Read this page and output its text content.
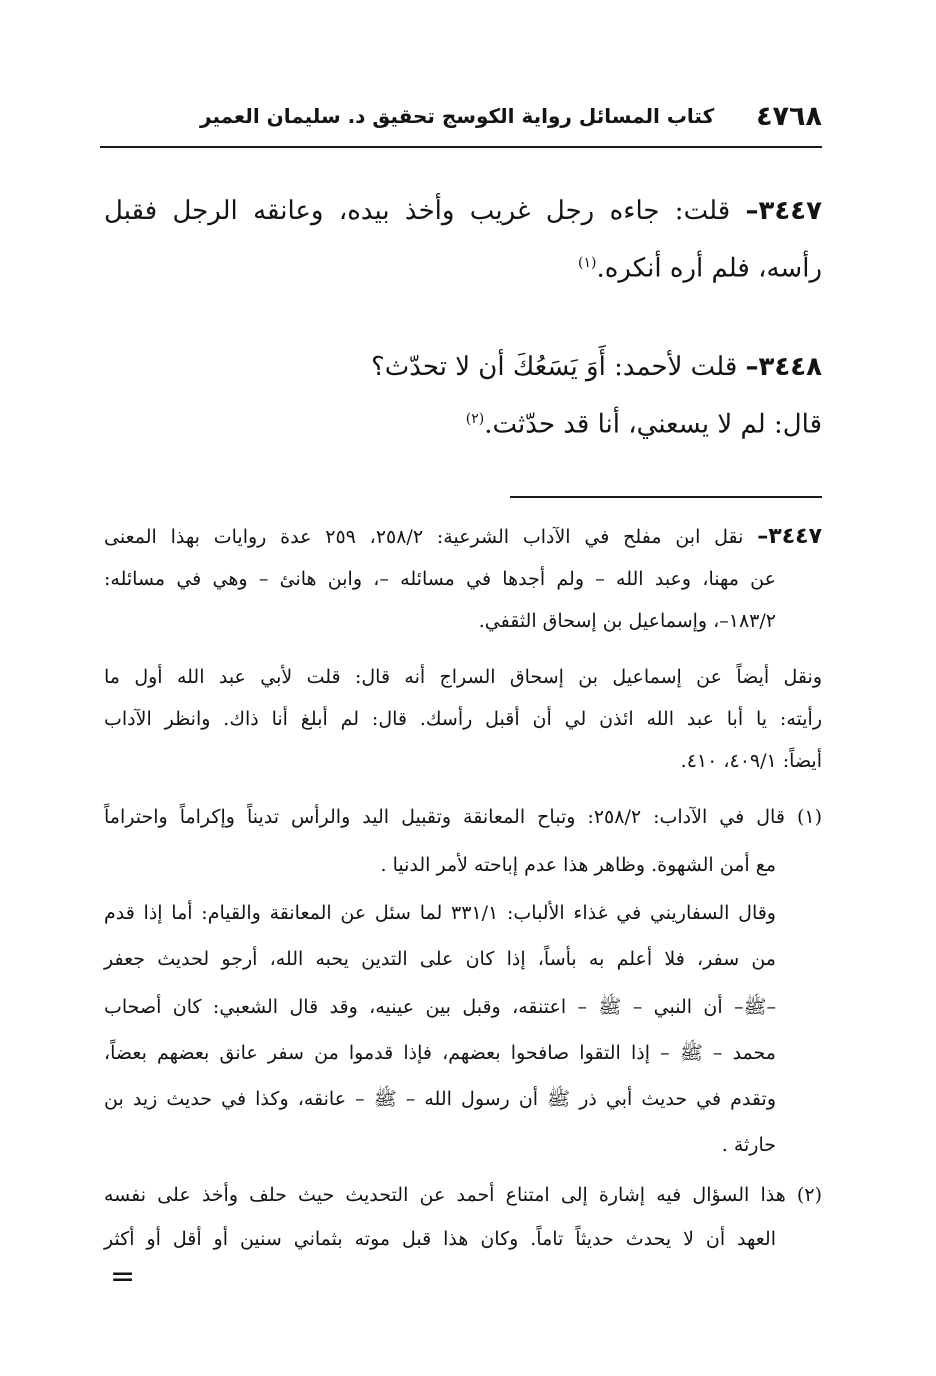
٤٧٦٨
كتاب المسائل رواية الكوسج تحقيق د. سليمان العمير
٣٤٤٧– قلت: جاءه رجل غريب وأخذ بيده، وعانقه الرجل فقبل
رأسه، فلم أره أنكره.$^{(١)}$
٣٤٤٨– قلت لأحمد: أَوَ يَسَعُكَ أن لا تحدّث؟
قال: لم لا يسعني، أنا قد حدّثت.$^{(٢)}$
٣٤٤٧– نقل ابن مفلح في الآداب الشرعية: ٢٥٨/٢، ٢٥٩ عدة روايات بهذا المعنى
عن مهنا، وعبد الله – ولم أجدها في مسائله –، وابن هانئ – وهي في مسائله:
١٨٣/٢–، وإسماعيل بن إسحاق الثقفي.
ونقل أيضاً عن إسماعيل بن إسحاق السراج أنه قال: قلت لأبي عبد الله أول ما
رأيته: يا أبا عبد الله ائذن لي أن أقبل رأسك. قال: لم أبلغ أنا ذاك. وانظر الآداب
أيضاً: ٤٠٩/١، ٤١٠.
(١) قال في الآداب: ٢٥٨/٢: وتباح المعانقة وتقبيل اليد والرأس تديناً وإكراماً واحتراماً
مع أمن الشهوة. وظاهر هذا عدم إباحته لأمر الدنيا .
وقال السفاريني في غذاء الألباب: ٣٣١/١ لما سئل عن المعانقة والقيام: أما إذا قدم
من سفر، فلا أعلم به بأساً، إذا كان على التدين يحبه الله، أرجو لحديث جعفر
–ﷺ– أن النبي – ﷺ – اعتنقه، وقبل بين عينيه، وقد قال الشعبي: كان أصحاب
محمد – ﷺ – إذا التقوا صافحوا بعضهم، فإذا قدموا من سفر عانق بعضهم بعضاً،
وتقدم في حديث أبي ذر ﷺ أن رسول الله – ﷺ – عانقه، وكذا في حديث زيد بن
حارثة .
(٢) هذا السؤال فيه إشارة إلى امتناع أحمد عن التحديث حيث حلف وأخذ على نفسه
العهد أن لا يحدث حديثاً تاماً. وكان هذا قبل موته بثماني سنين أو أقل أو أكثر
=
